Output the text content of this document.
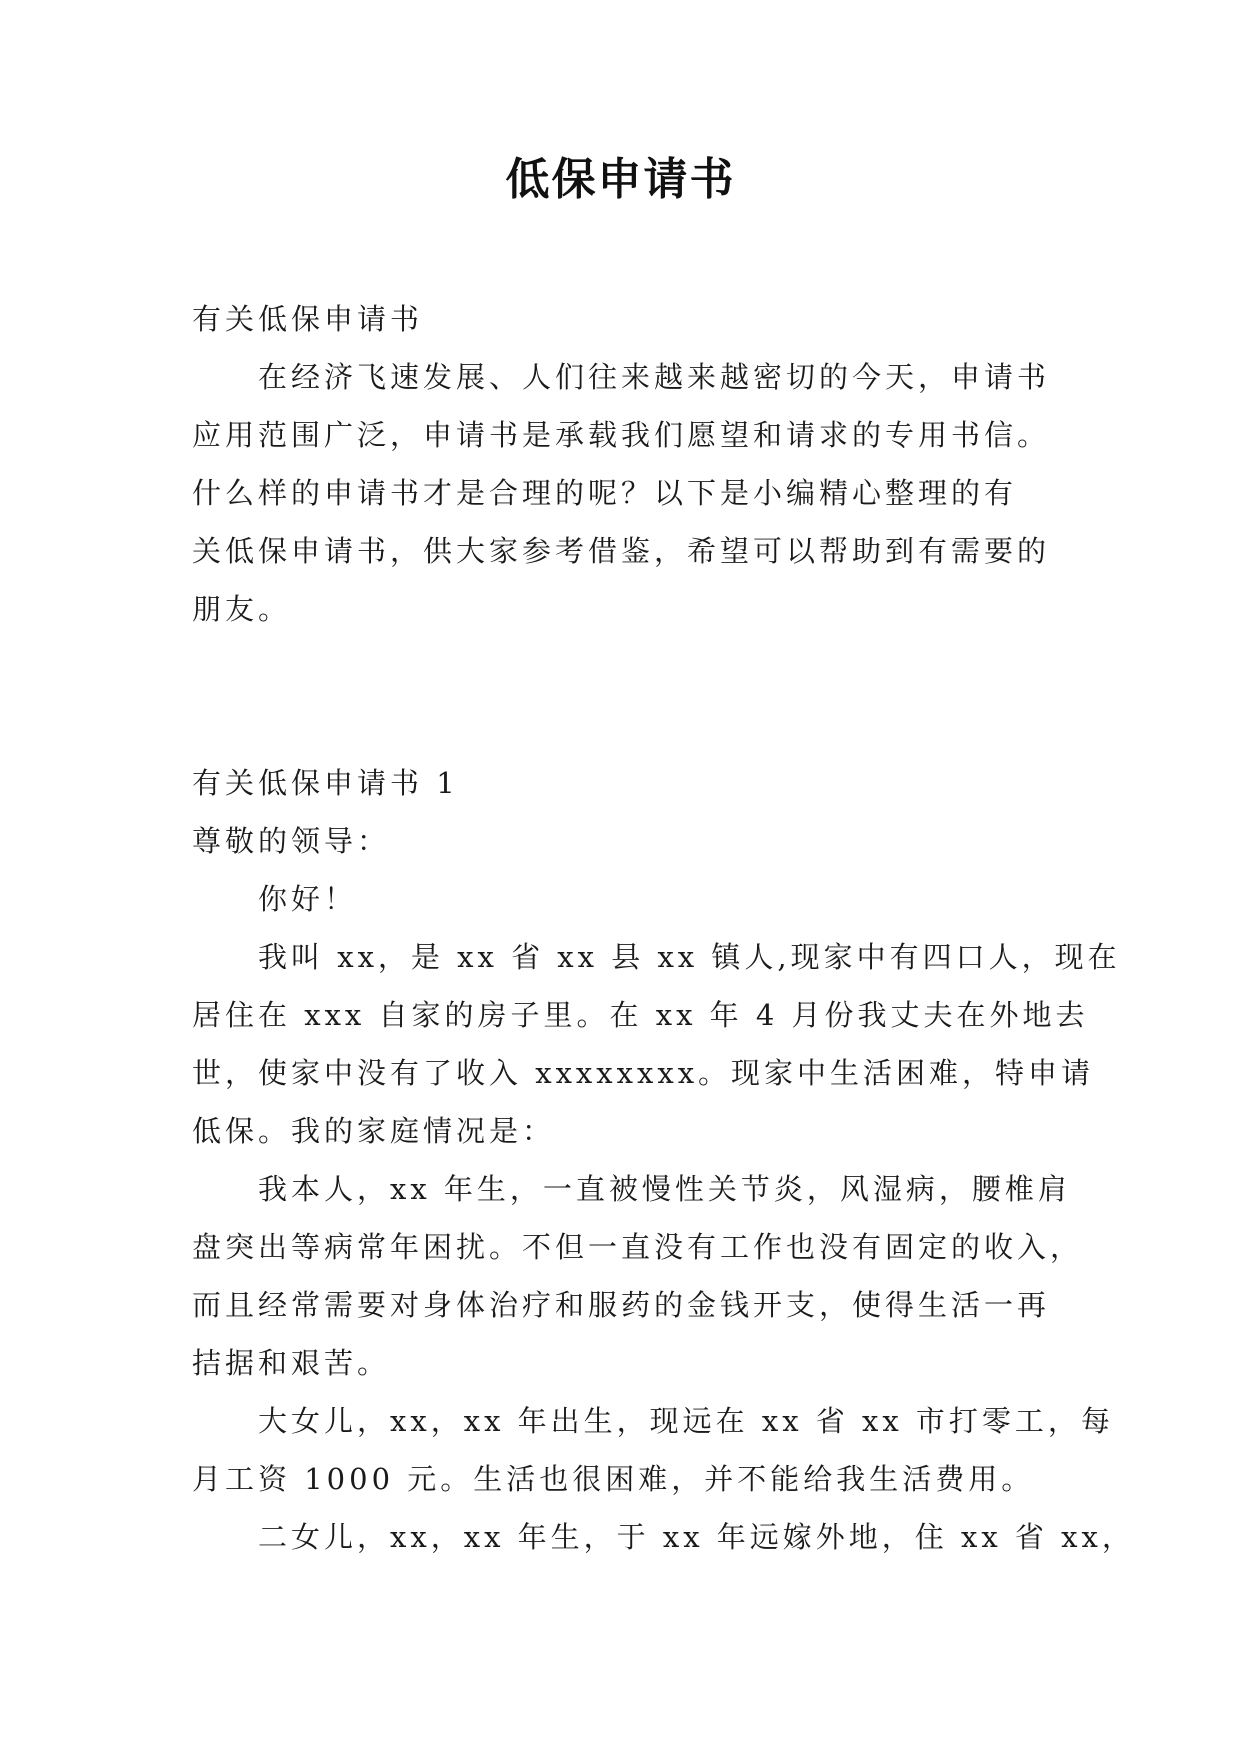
低保申请书
有关低保申请书
在经济飞速发展、人们往来越来越密切的今天，申请书
应用范围广泛，申请书是承载我们愿望和请求的专用书信。
什么样的申请书才是合理的呢？以下是小编精心整理的有
关低保申请书，供大家参考借鉴，希望可以帮助到有需要的
朋友。
有关低保申请书 1
尊敬的领导：
你好！
我叫 xx，是 xx 省 xx 县 xx 镇人,现家中有四口人，现在
居住在 xxx 自家的房子里。在 xx 年 4 月份我丈夫在外地去
世，使家中没有了收入 xxxxxxxx。现家中生活困难，特申请
低保。我的家庭情况是：
我本人，xx 年生，一直被慢性关节炎，风湿病，腰椎肩
盘突出等病常年困扰。不但一直没有工作也没有固定的收入，
而且经常需要对身体治疗和服药的金钱开支，使得生活一再
拮据和艰苦。
大女儿，xx，xx 年出生，现远在 xx 省 xx 市打零工，每
月工资 1000 元。生活也很困难，并不能给我生活费用。
二女儿，xx，xx 年生，于 xx 年远嫁外地，住 xx 省 xx，
